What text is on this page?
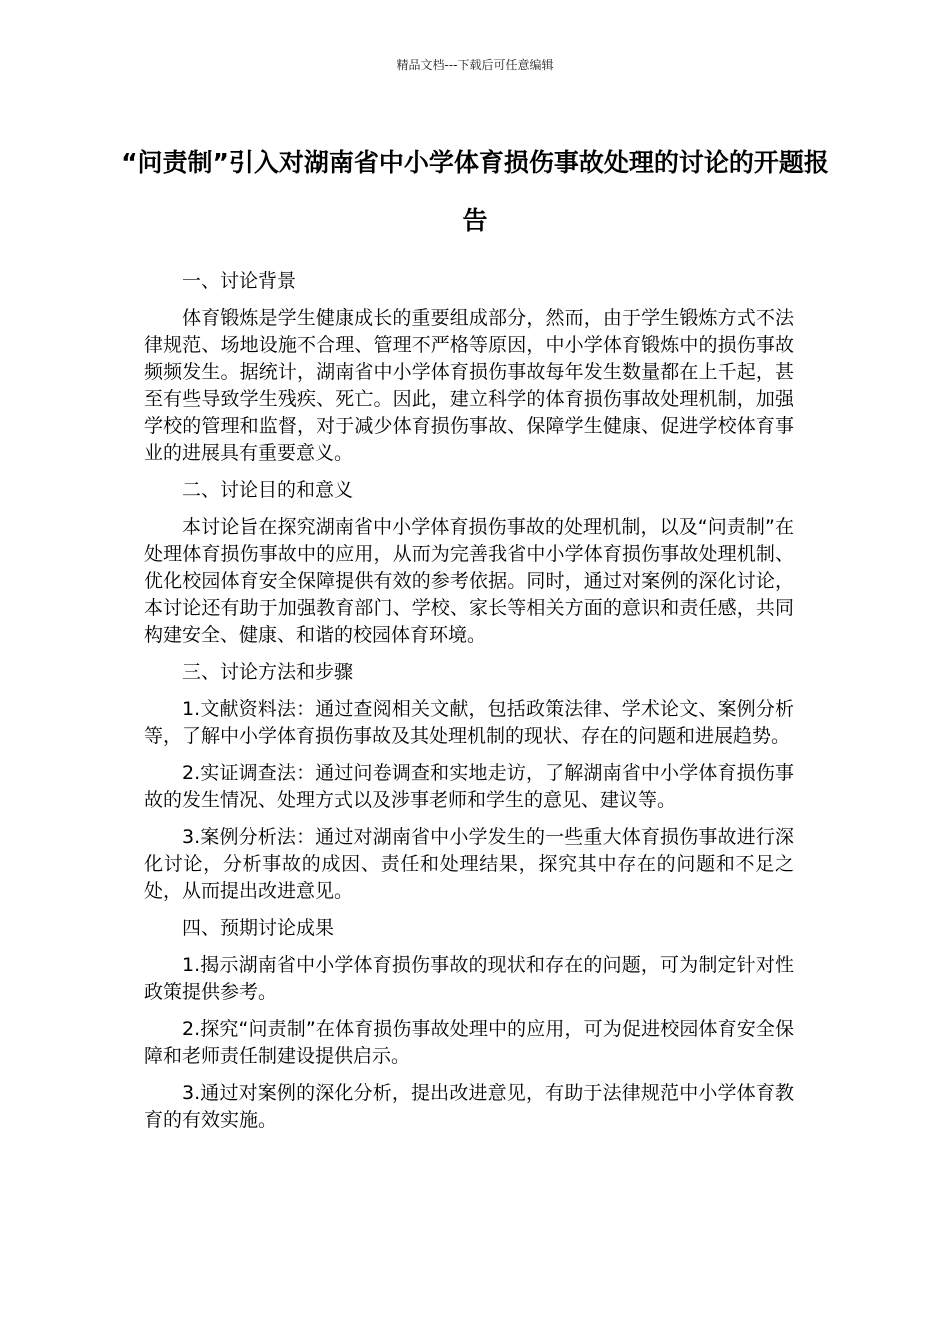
精品文档---下载后可任意编辑
“问责制”引入对湖南省中小学体育损伤事故处理的讨论的开题报告

一、讨论背景

体育锻炼是学生健康成长的重要组成部分，然而，由于学生锻炼方式不法律规范、场地设施不合理、管理不严格等原因，中小学体育锻炼中的损伤事故频频发生。据统计，湖南省中小学体育损伤事故每年发生数量都在上千起，甚至有些导致学生残疾、死亡。因此，建立科学的体育损伤事故处理机制，加强学校的管理和监督，对于减少体育损伤事故、保障学生健康、促进学校体育事业的进展具有重要意义。

二、讨论目的和意义

本讨论旨在探究湖南省中小学体育损伤事故的处理机制，以及“问责制”在处理体育损伤事故中的应用，从而为完善我省中小学体育损伤事故处理机制、优化校园体育安全保障提供有效的参考依据。同时，通过对案例的深化讨论，本讨论还有助于加强教育部门、学校、家长等相关方面的意识和责任感，共同构建安全、健康、和谐的校园体育环境。

三、讨论方法和步骤

1.文献资料法：通过查阅相关文献，包括政策法律、学术论文、案例分析等，了解中小学体育损伤事故及其处理机制的现状、存在的问题和进展趋势。

2.实证调查法：通过问卷调查和实地走访，了解湖南省中小学体育损伤事故的发生情况、处理方式以及涉事老师和学生的意见、建议等。

3.案例分析法：通过对湖南省中小学发生的一些重大体育损伤事故进行深化讨论，分析事故的成因、责任和处理结果，探究其中存在的问题和不足之处，从而提出改进意见。

四、预期讨论成果

1.揭示湖南省中小学体育损伤事故的现状和存在的问题，可为制定针对性政策提供参考。

2.探究“问责制”在体育损伤事故处理中的应用，可为促进校园体育安全保障和老师责任制建设提供启示。

3.通过对案例的深化分析，提出改进意见，有助于法律规范中小学体育教育的有效实施。
